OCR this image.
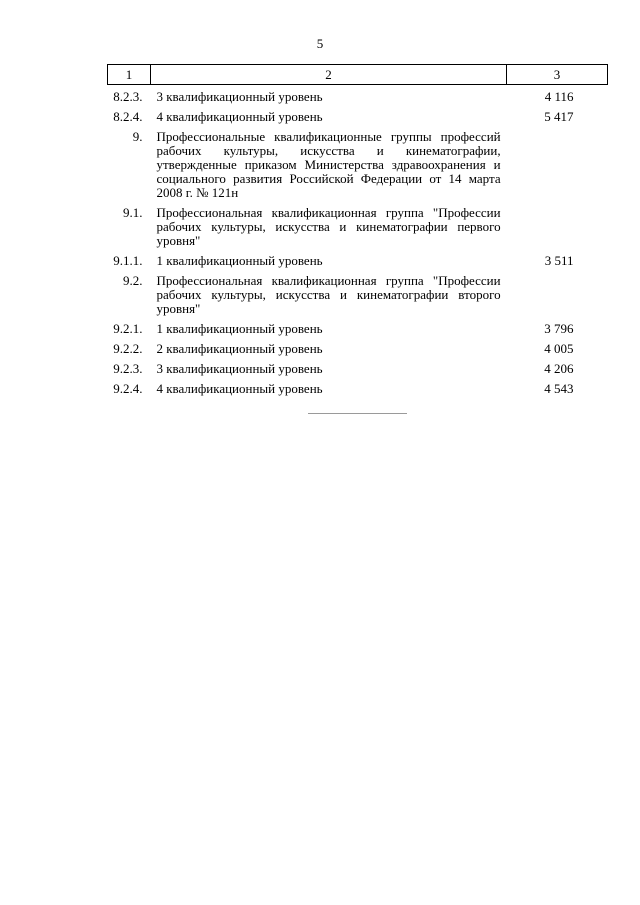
5
1	2	3
8.2.3.	3 квалификационный уровень	4 116
8.2.4.	4 квалификационный уровень	5 417
9.	Профессиональные квалификационные группы профессий рабочих культуры, искусства и кинематографии, утвержденные приказом Министерства здравоохранения и социального развития Российской Федерации от 14 марта 2008 г. № 121н	
9.1.	Профессиональная квалификационная группа "Профессии рабочих культуры, искусства и кинематографии первого уровня"	
9.1.1.	1 квалификационный уровень	3 511
9.2.	Профессиональная квалификационная группа "Профессии рабочих культуры, искусства и кинематографии второго уровня"	
9.2.1.	1 квалификационный уровень	3 796
9.2.2.	2 квалификационный уровень	4 005
9.2.3.	3 квалификационный уровень	4 206
9.2.4.	4 квалификационный уровень	4 543
